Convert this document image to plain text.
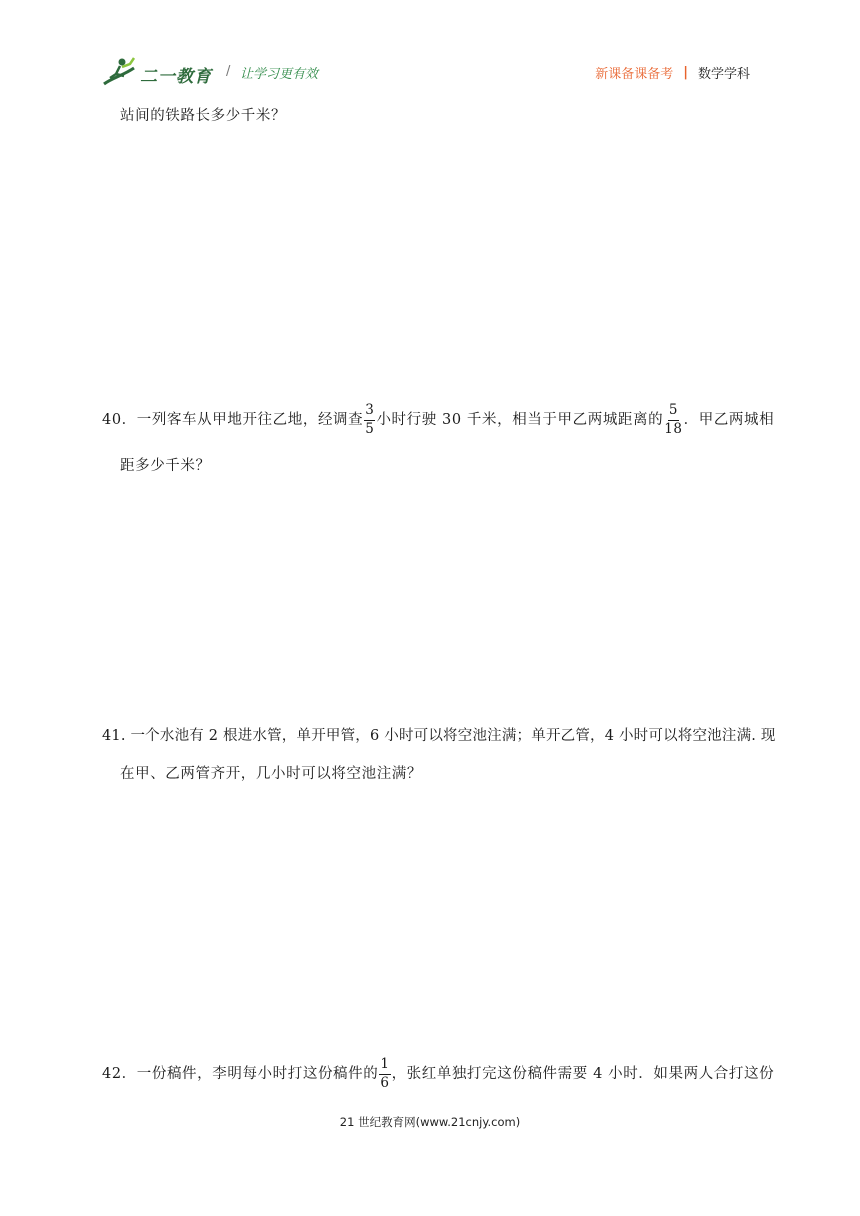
二一教育 / 让学习更有效	新课备课备考 | 数学学科
站间的铁路长多少千米？
40．一列客车从甲地开往乙地，经调查 $\frac{3}{5}$ 小时行驶 30 千米，相当于甲乙两城距离的 $\frac{5}{18}$ ．甲乙两城相
距多少千米？
41. 一个水池有 2 根进水管，单开甲管，6 小时可以将空池注满；单开乙管，4 小时可以将空池注满. 现
在甲、乙两管齐开，几小时可以将空池注满？
42．一份稿件，李明每小时打这份稿件的 $\frac{1}{6}$ ，张红单独打完这份稿件需要 4 小时．如果两人合打这份
21 世纪教育网(www.21cnjy.com)
